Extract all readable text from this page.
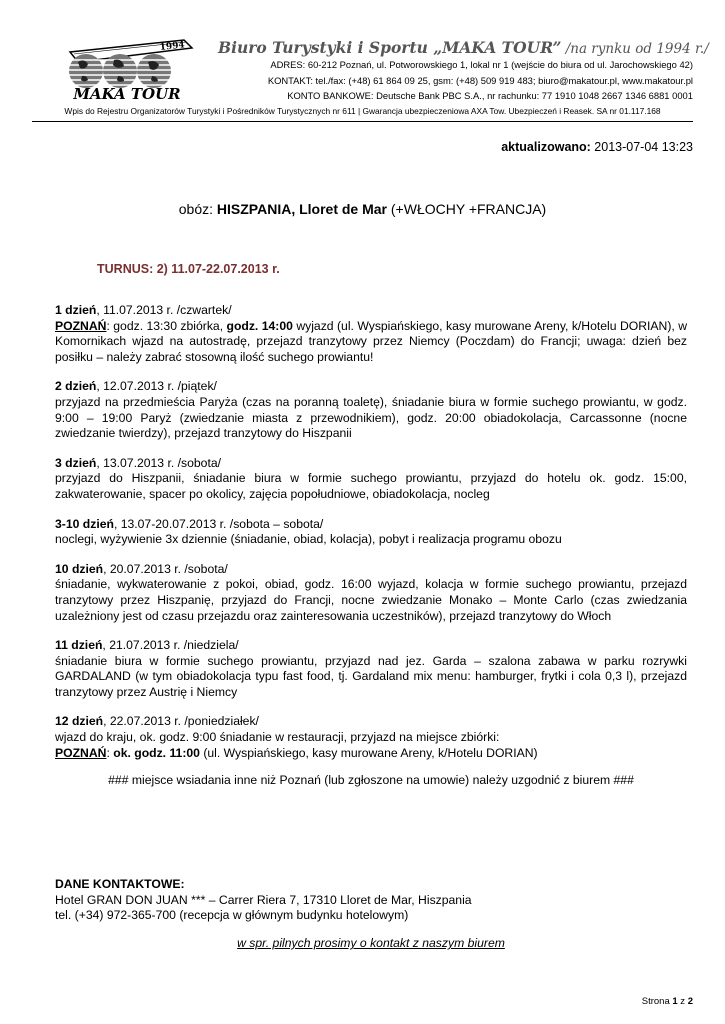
1994
MAKA TOUR
Biuro Turystyki i Sportu „MAKA TOUR” /na rynku od 1994 r./
ADRES: 60-212 Poznań, ul. Potworowskiego 1, lokal nr 1 (wejście do biura od ul. Jarochowskiego 42)
KONTAKT: tel./fax: (+48) 61 864 09 25, gsm: (+48) 509 919 483; biuro@makatour.pl, www.makatour.pl
KONTO BANKOWE: Deutsche Bank PBC S.A., nr rachunku: 77 1910 1048 2667 1346 6881 0001
Wpis do Rejestru Organizatorów Turystyki i Pośredników Turystycznych nr 611 | Gwarancja ubezpieczeniowa AXA Tow. Ubezpieczeń i Reasek. SA nr 01.117.168
aktualizowano: 2013-07-04 13:23
obóz: HISZPANIA, Lloret de Mar (+WŁOCHY +FRANCJA)
TURNUS: 2) 11.07-22.07.2013 r.
1 dzień, 11.07.2013 r. /czwartek/

POZNAŃ: godz. 13:30 zbiórka, godz. 14:00 wyjazd (ul. Wyspiańskiego, kasy murowane Areny, k/Hotelu DORIAN), w Komornikach wjazd na autostradę, przejazd tranzytowy przez Niemcy (Poczdam) do Francji; uwaga: dzień bez posiłku – należy zabrać stosowną ilość suchego prowiantu!

2 dzień, 12.07.2013 r. /piątek/

przyjazd na przedmieścia Paryża (czas na poranną toaletę), śniadanie biura w formie suchego prowiantu, w godz. 9:00 – 19:00 Paryż (zwiedzanie miasta z przewodnikiem), godz. 20:00 obiadokolacja, Carcassonne (nocne zwiedzanie twierdzy), przejazd tranzytowy do Hiszpanii

3 dzień, 13.07.2013 r. /sobota/

przyjazd do Hiszpanii, śniadanie biura w formie suchego prowiantu, przyjazd do hotelu ok. godz. 15:00, zakwaterowanie, spacer po okolicy, zajęcia popołudniowe, obiadokolacja, nocleg

3-10 dzień, 13.07-20.07.2013 r. /sobota – sobota/

noclegi, wyżywienie 3x dziennie (śniadanie, obiad, kolacja), pobyt i realizacja programu obozu

10 dzień, 20.07.2013 r. /sobota/

śniadanie, wykwaterowanie z pokoi, obiad, godz. 16:00 wyjazd, kolacja w formie suchego prowiantu, przejazd tranzytowy przez Hiszpanię, przyjazd do Francji, nocne zwiedzanie Monako – Monte Carlo (czas zwiedzania uzależniony jest od czasu przejazdu oraz zainteresowania uczestników), przejazd tranzytowy do Włoch

11 dzień, 21.07.2013 r. /niedziela/

śniadanie biura w formie suchego prowiantu, przyjazd nad jez. Garda – szalona zabawa w parku rozrywki GARDALAND (w tym obiadokolacja typu fast food, tj. Gardaland mix menu: hamburger, frytki i cola 0,3 l), przejazd tranzytowy przez Austrię i Niemcy

12 dzień, 22.07.2013 r. /poniedziałek/

wjazd do kraju, ok. godz. 9:00 śniadanie w restauracji, przyjazd na miejsce zbiórki:

POZNAŃ: ok. godz. 11:00 (ul. Wyspiańskiego, kasy murowane Areny, k/Hotelu DORIAN)

### miejsce wsiadania inne niż Poznań (lub zgłoszone na umowie) należy uzgodnić z biurem ###
DANE KONTAKTOWE:
Hotel GRAN DON JUAN *** – Carrer Riera 7, 17310 Lloret de Mar, Hiszpania
tel. (+34) 972-365-700 (recepcja w głównym budynku hotelowym)
w spr. pilnych prosimy o kontakt z naszym biurem
Strona 1 z 2
